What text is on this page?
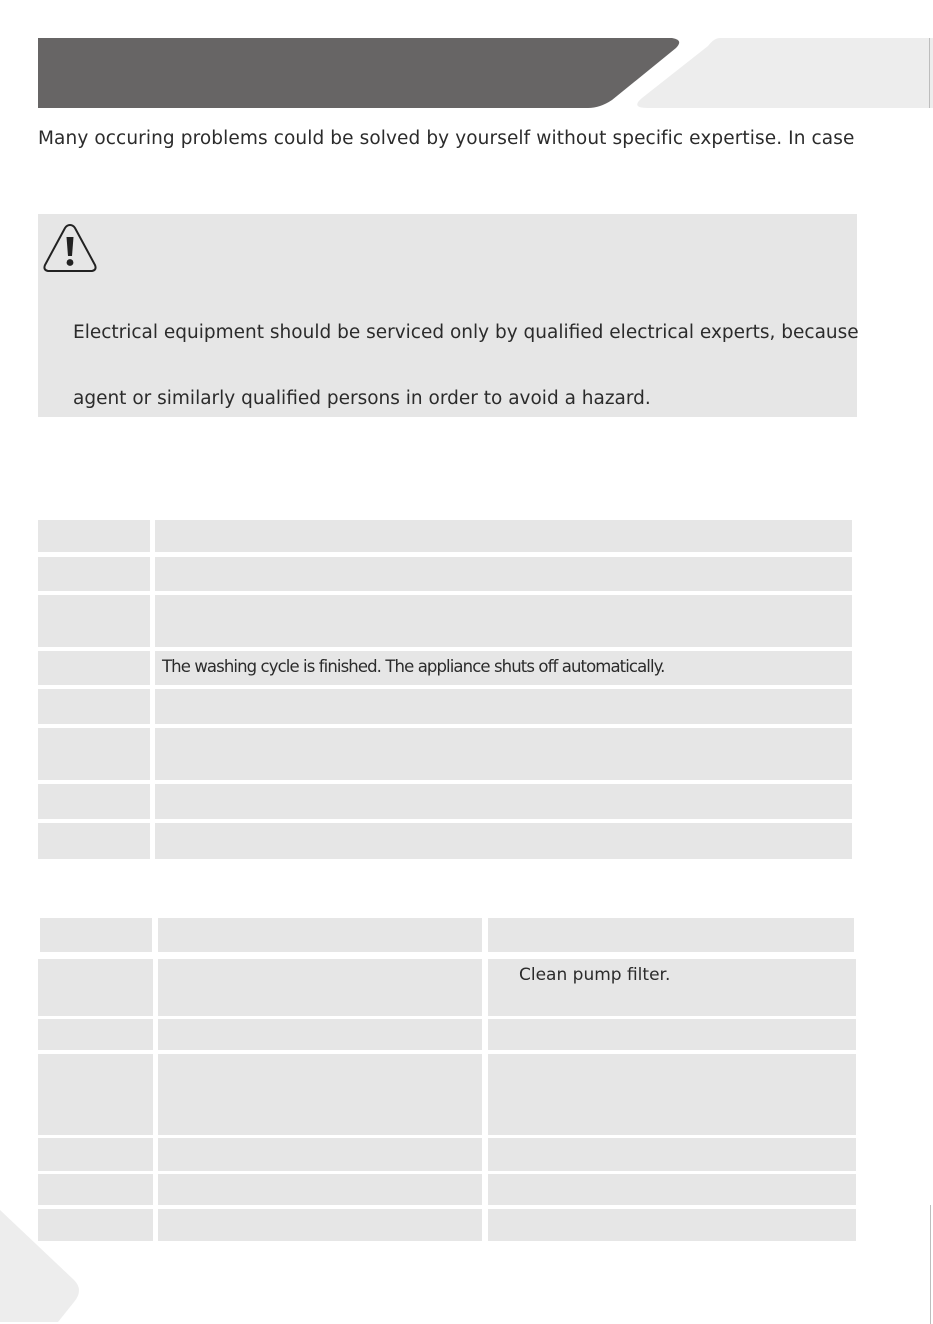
Many occuring problems could be solved by yourself without specific expertise. In case
Electrical equipment should be serviced only by qualified electrical experts, because
agent or similarly qualified persons in order to avoid a hazard.
The washing cycle is finished. The appliance shuts off automatically.
Clean pump filter.
